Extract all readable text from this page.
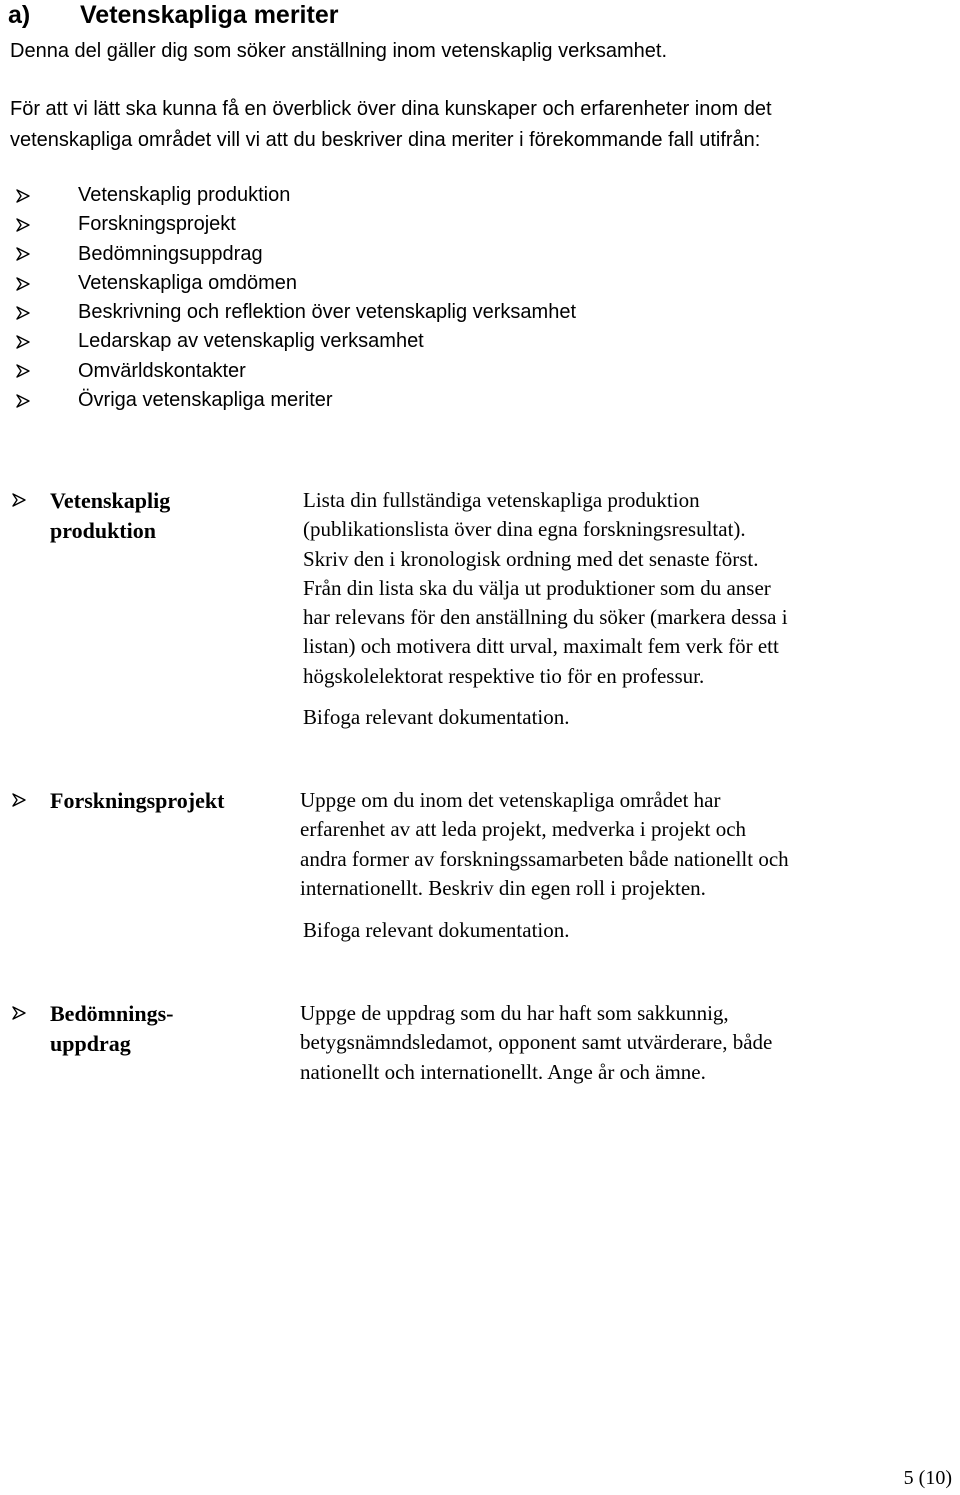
a) Vetenskapliga meriter
Denna del gäller dig som söker anställning inom vetenskaplig verksamhet.
För att vi lätt ska kunna få en överblick över dina kunskaper och erfarenheter inom det
vetenskapliga området vill vi att du beskriver dina meriter i förekommande fall utifrån:
Vetenskaplig produktion
Forskningsprojekt
Bedömningsuppdrag
Vetenskapliga omdömen
Beskrivning och reflektion över vetenskaplig verksamhet
Ledarskap av vetenskaplig verksamhet
Omvärldskontakter
Övriga vetenskapliga meriter
Vetenskaplig
produktion
Lista din fullständiga vetenskapliga produktion
(publikationslista över dina egna forskningsresultat).
Skriv den i kronologisk ordning med det senaste först.
Från din lista ska du välja ut produktioner som du anser
har relevans för den anställning du söker (markera dessa i
listan) och motivera ditt urval, maximalt fem verk för ett
högskolelektorat respektive tio för en professur.
Bifoga relevant dokumentation.
Forskningsprojekt	Uppge om du inom det vetenskapliga området har
erfarenhet av att leda projekt, medverka i projekt och
andra former av forskningssamarbeten både nationellt och
internationellt. Beskriv din egen roll i projekten.
Bifoga relevant dokumentation.
Bedömnings-
uppdrag
Uppge de uppdrag som du har haft som sakkunnig,
betygsnämndsledamot, opponent samt utvärderare, både
nationellt och internationellt. Ange år och ämne.
5 (10)
